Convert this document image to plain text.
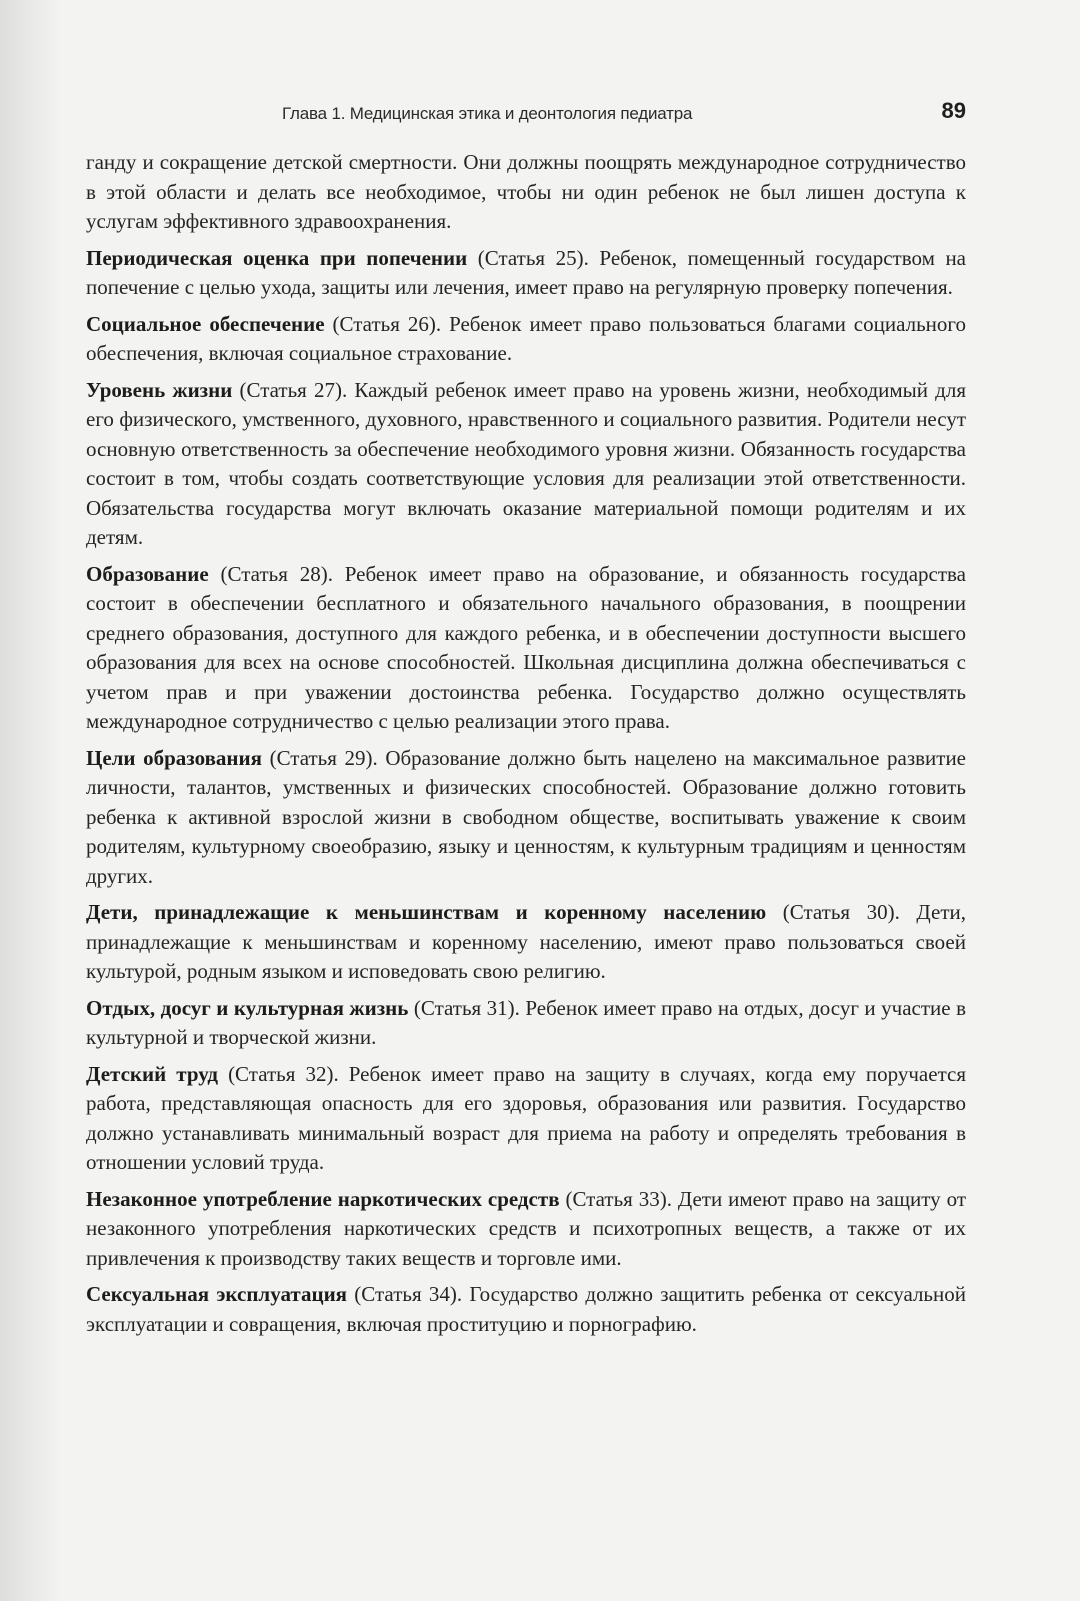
Глава 1. Медицинская этика и деонтология педиатра	89

ганду и сокращение детской смертности. Они должны поощрять международное сотрудничество в этой области и делать все необходимое, чтобы ни один ребенок не был лишен доступа к услугам эффективного здравоохранения.

Периодическая оценка при попечении (Статья 25). Ребенок, помещенный государством на попечение с целью ухода, защиты или лечения, имеет право на регулярную проверку попечения.

Социальное обеспечение (Статья 26). Ребенок имеет право пользоваться благами социального обеспечения, включая социальное страхование.

Уровень жизни (Статья 27). Каждый ребенок имеет право на уровень жизни, необходимый для его физического, умственного, духовного, нравственного и социального развития. Родители несут основную ответственность за обеспечение необходимого уровня жизни. Обязанность государства состоит в том, чтобы создать соответствующие условия для реализации этой ответственности. Обязательства государства могут включать оказание материальной помощи родителям и их детям.

Образование (Статья 28). Ребенок имеет право на образование, и обязанность государства состоит в обеспечении бесплатного и обязательного начального образования, в поощрении среднего образования, доступного для каждого ребенка, и в обеспечении доступности высшего образования для всех на основе способностей. Школьная дисциплина должна обеспечиваться с учетом прав и при уважении достоинства ребенка. Государство должно осуществлять международное сотрудничество с целью реализации этого права.

Цели образования (Статья 29). Образование должно быть нацелено на максимальное развитие личности, талантов, умственных и физических способностей. Образование должно готовить ребенка к активной взрослой жизни в свободном обществе, воспитывать уважение к своим родителям, культурному своеобразию, языку и ценностям, к культурным традициям и ценностям других.

Дети, принадлежащие к меньшинствам и коренному населению (Статья 30). Дети, принадлежащие к меньшинствам и коренному населению, имеют право пользоваться своей культурой, родным языком и исповедовать свою религию.

Отдых, досуг и культурная жизнь (Статья 31). Ребенок имеет право на отдых, досуг и участие в культурной и творческой жизни.

Детский труд (Статья 32). Ребенок имеет право на защиту в случаях, когда ему поручается работа, представляющая опасность для его здоровья, образования или развития. Государство должно устанавливать минимальный возраст для приема на работу и определять требования в отношении условий труда.

Незаконное употребление наркотических средств (Статья 33). Дети имеют право на защиту от незаконного употребления наркотических средств и психотропных веществ, а также от их привлечения к производству таких веществ и торговле ими.

Сексуальная эксплуатация (Статья 34). Государство должно защитить ребенка от сексуальной эксплуатации и совращения, включая проституцию и порнографию.
